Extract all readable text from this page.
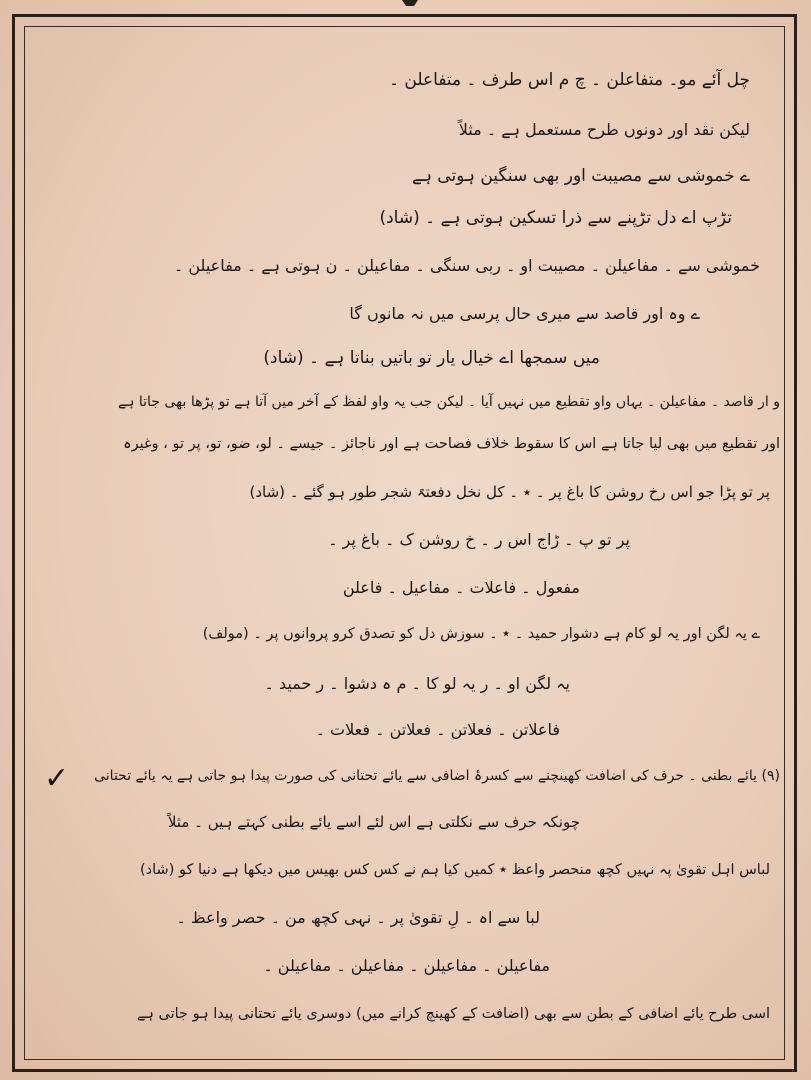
چل آئے مو۔ متفاعلن ۔ چ م اس طرف ۔ متفاعلن ۔
لیکن نقد اور دونوں طرح مستعمل ہے ۔ مثلاً
ے خموشی سے مصیبت اور بھی سنگین ہوتی ہے
تڑپ اے دل تڑپنے سے ذرا تسکین ہوتی ہے ۔ (شاد)
خموشی سے ۔ مفاعیلن ۔ مصیبت او ۔ ربی سنگی ۔ مفاعیلن ۔ ن ہوتی ہے ۔ مفاعیلن ۔
ے وہ اور قاصد سے میری حال پرسی میں نہ مانوں گا
میں سمجھا اے خیال یار تو باتیں بناتا ہے ۔ (شاد)
و ار قاصد ۔ مفاعیلن ۔ یہاں واو تقطیع میں نہیں آیا ۔ لیکن جب یہ واو لفظ کے آخر میں آتا ہے تو پڑھا بھی جاتا ہے
اور تقطیع میں بھی لیا جاتا ہے اس کا سقوط خلاف فصاحت ہے اور ناجائز ۔ جیسے ۔ لو، ضو، تو، پر تو ، وغیرہ
پر تو پڑا جو اس رخ روشن کا باغ پر ۔ ٭ ۔ کل نخل دفعتہً شجر طور ہو گئے ۔ (شاد)
پر تو پ ۔ ڑاج اس ر ۔ خ روشن ک ۔ باغ پر ۔
مفعول ۔ فاعلات ۔ مفاعیل ۔ فاعلن
ے یہ لگن اور یہ لو کام ہے دشوار حمید ۔ ٭ ۔ سوزش دل کو تصدق کرو پروانوں پر ۔ (مولف)
یہ لگن او ۔ ر یہ لو کا ۔ م ہ دشوا ۔ ر حمید ۔
فاعلاتن ۔ فعلاتن ۔ فعلاتن ۔ فعلات ۔
(۹) یائے بطنی ۔ حرف کی اضافت کھینچنے سے کسرۂ اضافی سے یائے تحتانی کی صورت پیدا ہو جاتی ہے یہ یائے تحتانی
چونکہ حرف سے نکلتی ہے اس لئے اسے یائے بطنی کہتے ہیں ۔ مثلاً
لباس اہل تقویٰ پہ نہیں کچھ منحصر واعظ ٭ کمیں کیا ہم نے کس کس بھیس میں دیکھا ہے دنیا کو (شاد)
لبا سے اہ ۔ لِ تقویٰ پر ۔ نہی کچھ من ۔ حصر واعظ ۔
مفاعیلن ۔ مفاعیلن ۔ مفاعیلن ۔ مفاعیلن ۔
اسی طرح یائے اضافی کے بطن سے بھی (اضافت کے کھینچ کرانے میں) دوسری یائے تحتانی پیدا ہو جاتی ہے
✓
